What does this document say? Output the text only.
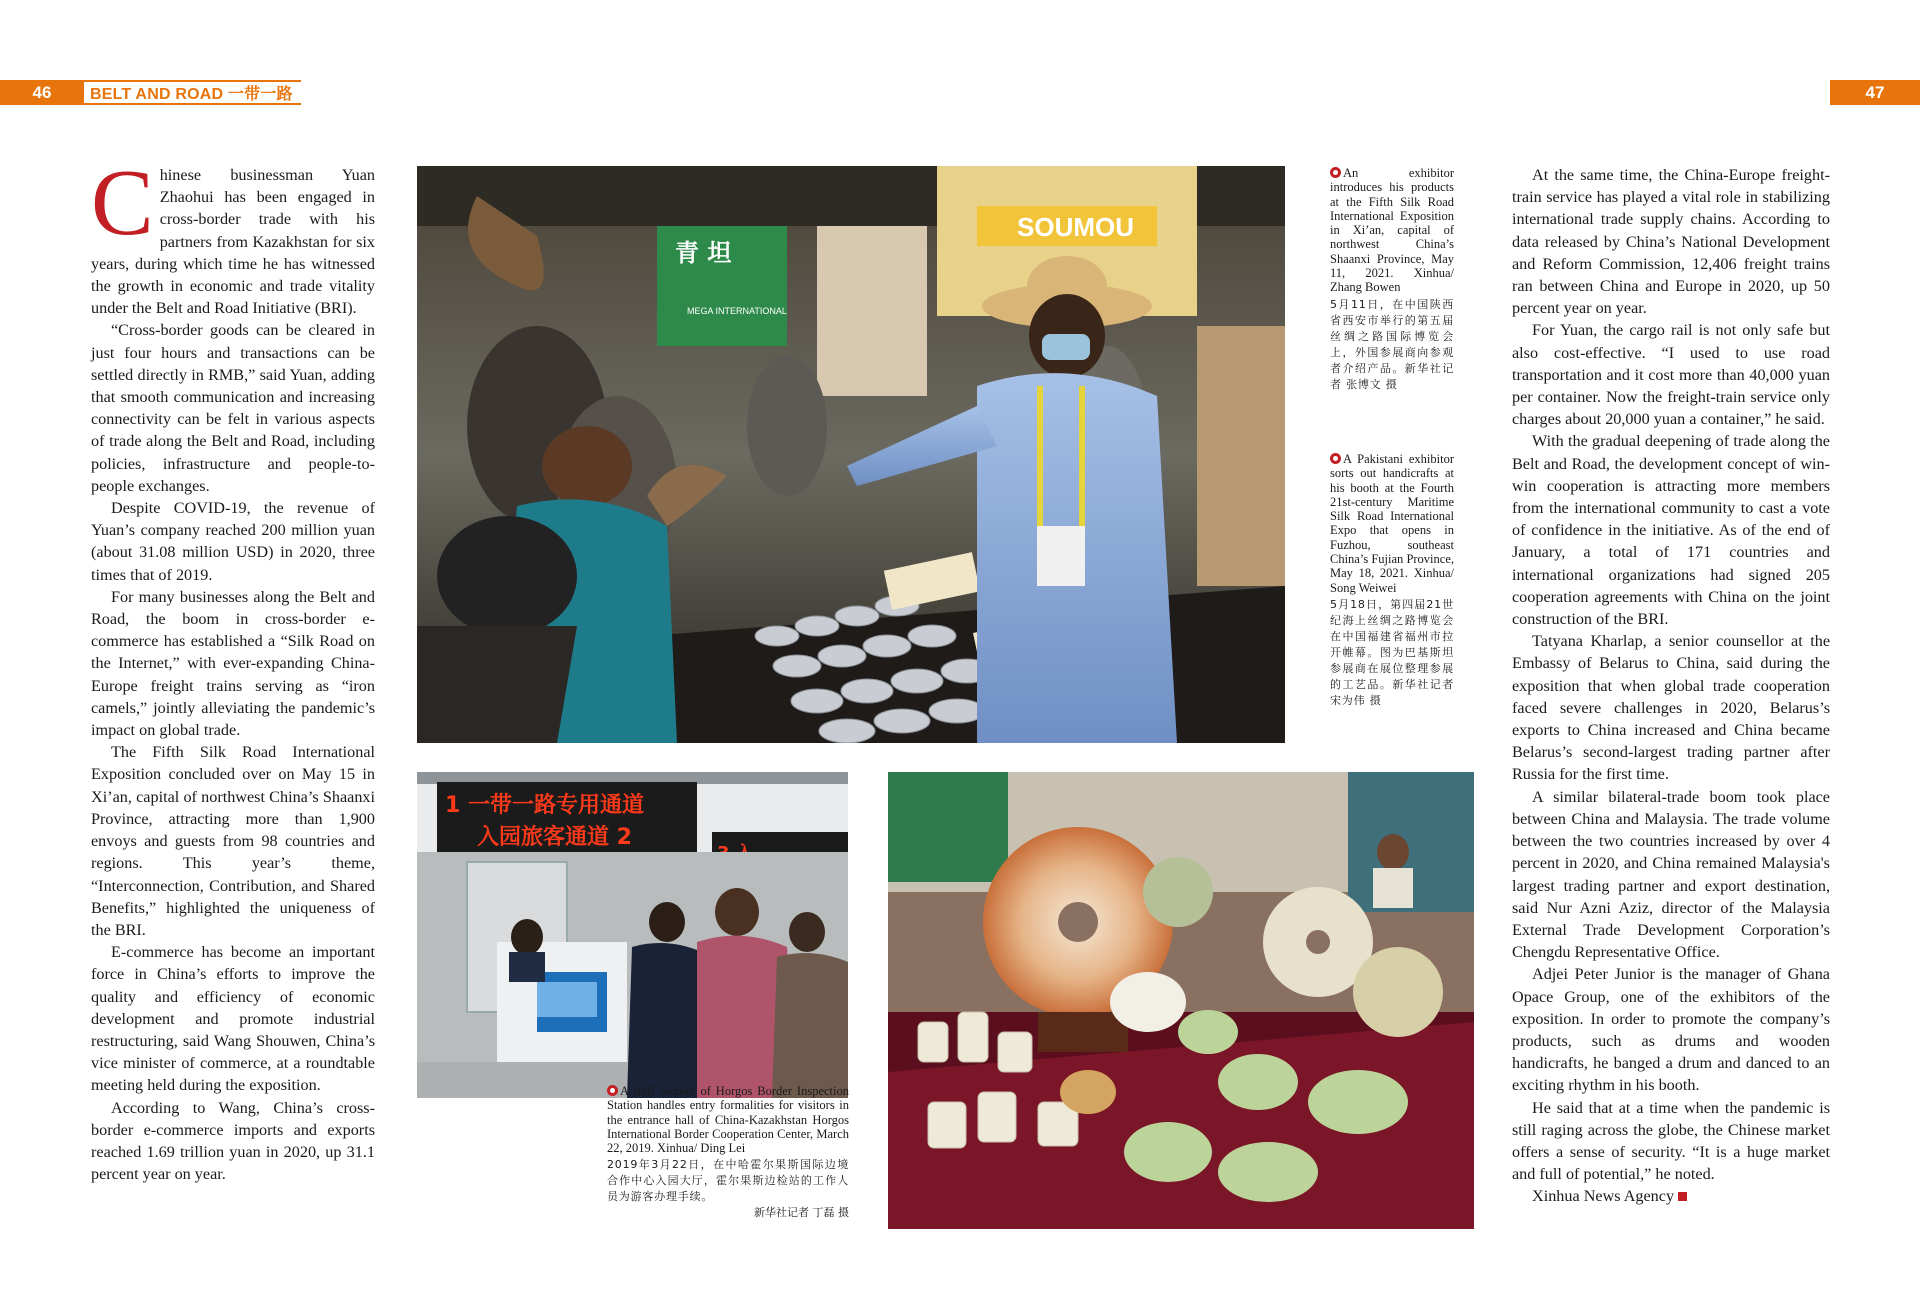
46	BELT AND ROAD 一带一路	47

Chinese businessman Yuan Zhaohui has been engaged in cross-border trade with his partners from Kazakhstan for six years, during which time he has witnessed the growth in economic and trade vitality under the Belt and Road Initiative (BRI).

“Cross-border goods can be cleared in just four hours and transactions can be settled directly in RMB,” said Yuan, adding that smooth communication and increasing connectivity can be felt in various aspects of trade along the Belt and Road, including policies, infrastructure and people-to-people exchanges.

Despite COVID-19, the revenue of Yuan’s company reached 200 million yuan (about 31.08 million USD) in 2020, three times that of 2019.

For many businesses along the Belt and Road, the boom in cross-border e-commerce has established a “Silk Road on the Internet,” with ever-expanding China-Europe freight trains serving as “iron camels,” jointly alleviating the pandemic’s impact on global trade.

The Fifth Silk Road International Exposition concluded over on May 15 in Xi’an, capital of northwest China’s Shaanxi Province, attracting more than 1,900 envoys and guests from 98 countries and regions. This year’s theme, “Interconnection, Contribution, and Shared Benefits,” highlighted the uniqueness of the BRI.

E-commerce has become an important force in China’s efforts to improve the quality and efficiency of economic development and promote industrial restructuring, said Wang Shouwen, China’s vice minister of commerce, at a roundtable meeting held during the exposition.

According to Wang, China’s cross-border e-commerce imports and exports reached 1.69 trillion yuan in 2020, up 31.1 percent year on year.

At the same time, the China-Europe freight-train service has played a vital role in stabilizing international trade supply chains. According to data released by China’s National Development and Reform Commission, 12,406 freight trains ran between China and Europe in 2020, up 50 percent year on year.

For Yuan, the cargo rail is not only safe but also cost-effective. “I used to use road transportation and it cost more than 40,000 yuan per container. Now the freight-train service only charges about 20,000 yuan a container,” he said.

With the gradual deepening of trade along the Belt and Road, the development concept of win-win cooperation is attracting more members from the international community to cast a vote of confidence in the initiative. As of the end of January, a total of 171 countries and international organizations had signed 205 cooperation agreements with China on the joint construction of the BRI.

Tatyana Kharlap, a senior counsellor at the Embassy of Belarus to China, said during the exposition that when global trade cooperation faced severe challenges in 2020, Belarus’s exports to China increased and China became Belarus’s second-largest trading partner after Russia for the first time.

A similar bilateral-trade boom took place between China and Malaysia. The trade volume between the two countries increased by over 4 percent in 2020, and China remained Malaysia's largest trading partner and export destination, said Nur Azni Aziz, director of the Malaysia External Trade Development Corporation’s Chengdu Representative Office.

Adjei Peter Junior is the manager of Ghana Opace Group, one of the exhibitors of the exposition. In order to promote the company’s products, such as drums and wooden handicrafts, he banged a drum and danced to an exciting rhythm in his booth.

He said that at a time when the pandemic is still raging across the globe, the Chinese market offers a sense of security. “It is a huge market and full of potential,” he noted.

Xinhua News Agency

SOUMOU
青 坦
MEGA INTERNATIONAL
1 一带一路专用通道
入园旅客通道 2
An exhibitor introduces his products at the Fifth Silk Road International Exposition in Xi’an, capital of northwest China’s Shaanxi Province, May 11, 2021. Xinhua/ Zhang Bowen
5月11日，在中国陕西省西安市举行的第五届丝绸之路国际博览会上，外国参展商向参观者介绍产品。新华社记者 张博文 摄
A Pakistani exhibitor sorts out handicrafts at his booth at the Fourth 21st-century Maritime Silk Road International Expo that opens in Fuzhou, southeast China’s Fujian Province, May 18, 2021. Xinhua/ Song Weiwei
5月18日，第四届21世纪海上丝绸之路博览会在中国福建省福州市拉开帷幕。图为巴基斯坦参展商在展位整理参展的工艺品。新华社记者 宋为伟 摄
A staff worker of Horgos Border Inspection Station handles entry formalities for visitors in the entrance hall of China-Kazakhstan Horgos International Border Cooperation Center, March 22, 2019. Xinhua/ Ding Lei
2019年3月22日，在中哈霍尔果斯国际边境合作中心入园大厅，霍尔果斯边检站的工作人员为游客办理手续。
新华社记者 丁磊 摄
